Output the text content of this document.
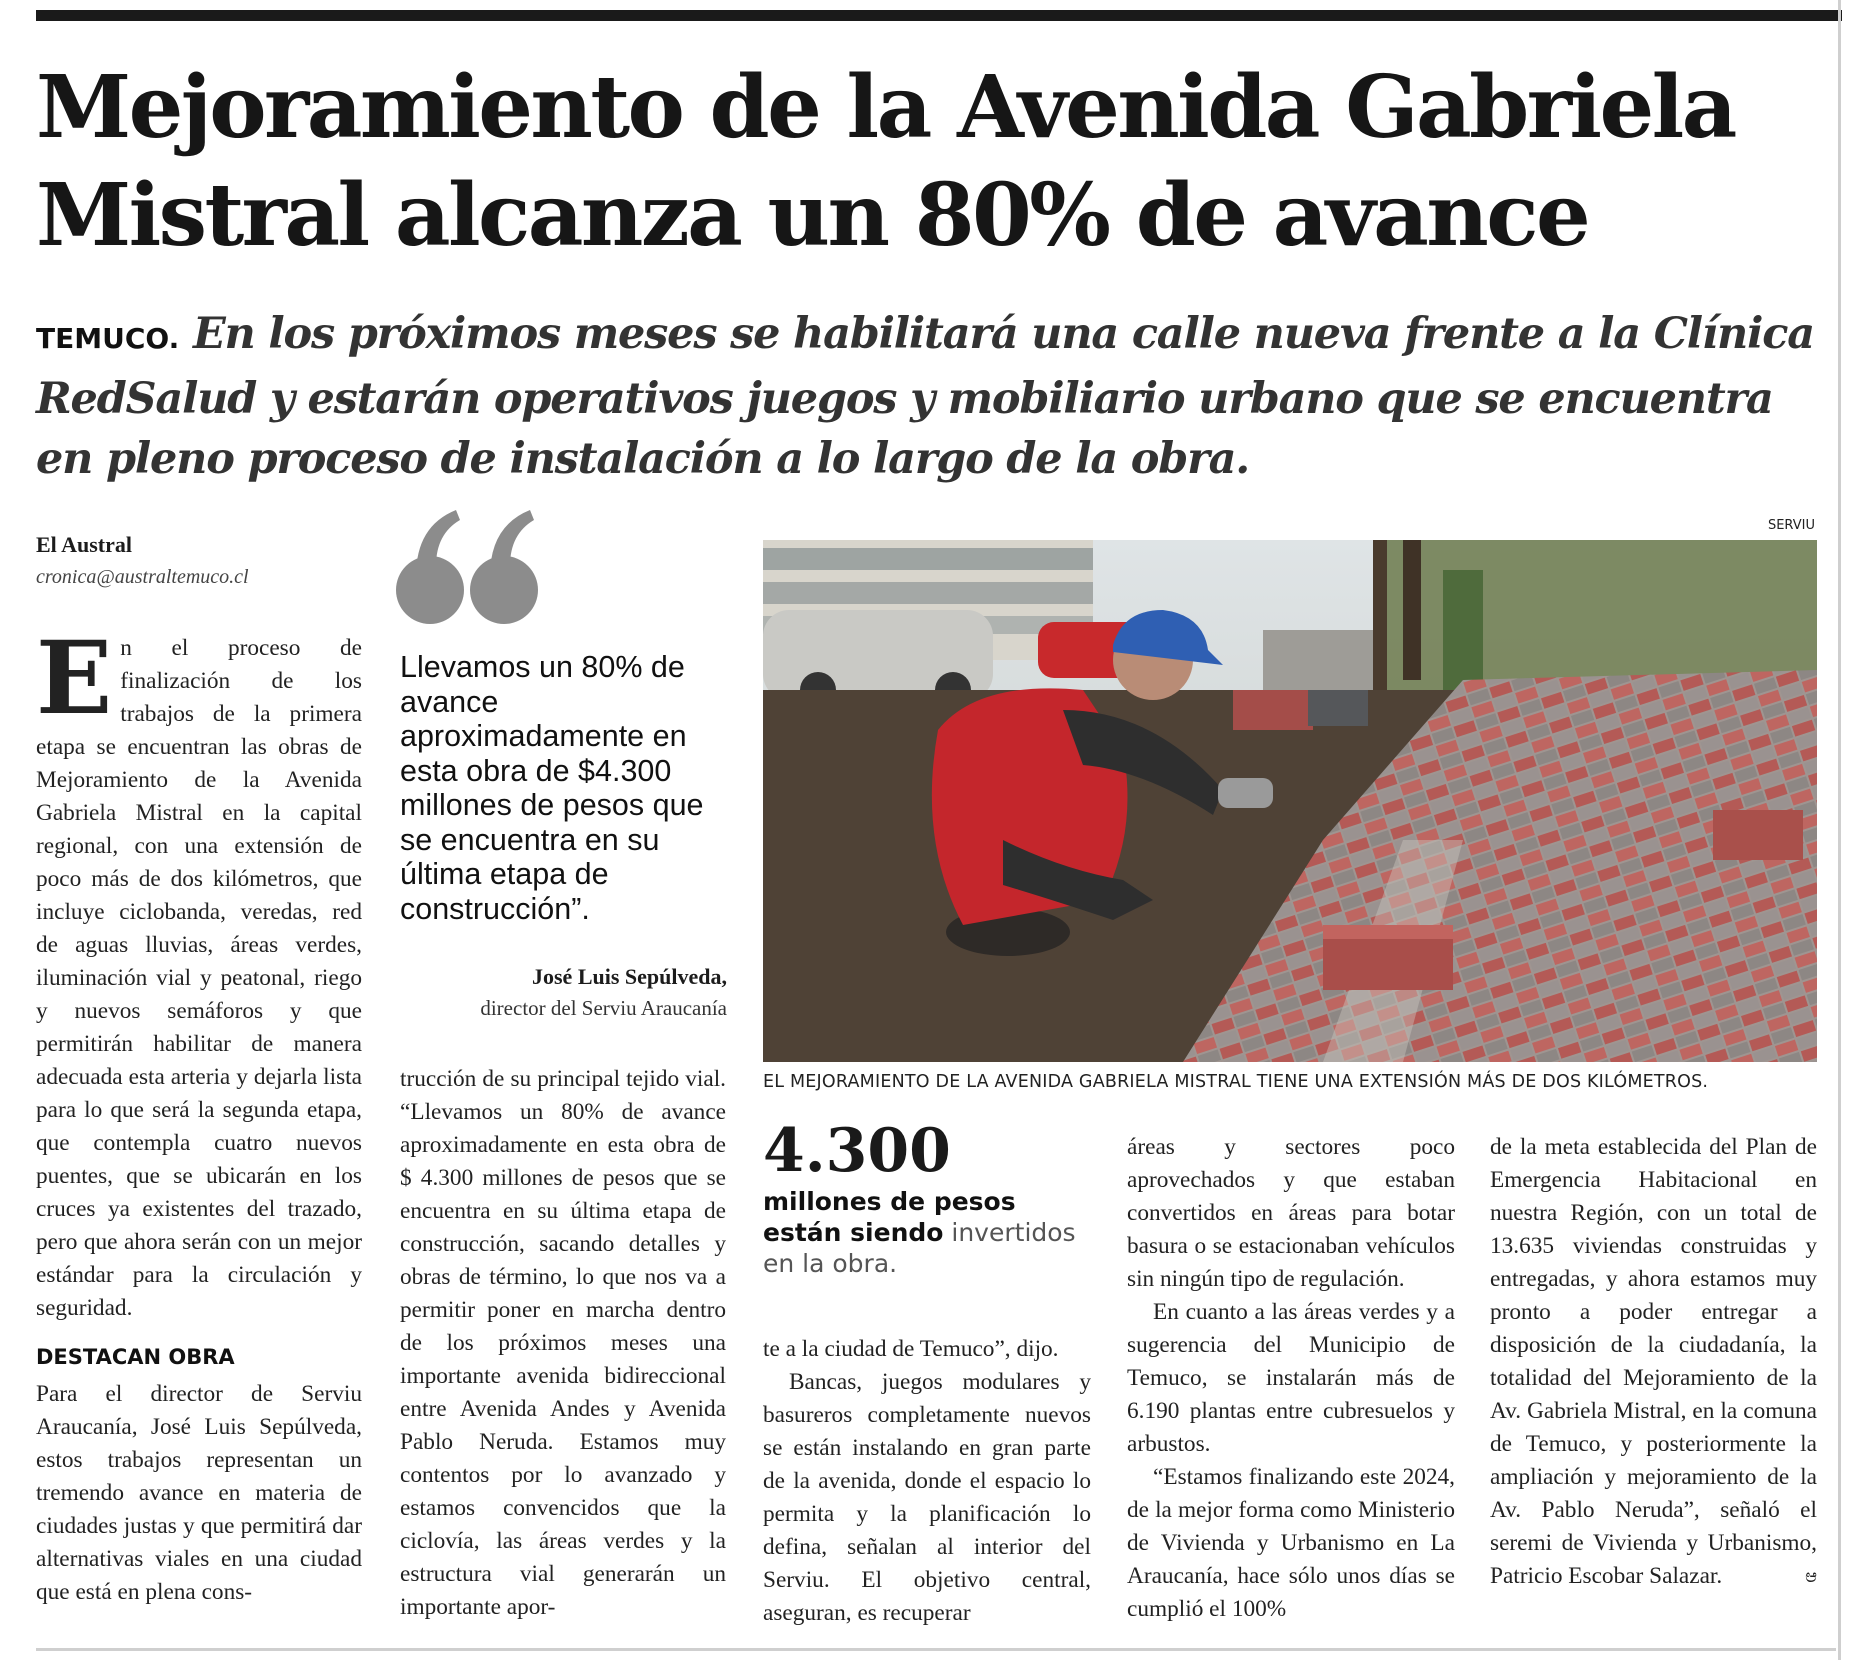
Mejoramiento de la Avenida Gabriela Mistral alcanza un 80% de avance
TEMUCO. En los próximos meses se habilitará una calle nueva frente a la Clínica RedSalud y estarán operativos juegos y mobiliario urbano que se encuentra en pleno proceso de instalación a lo largo de la obra.
El Austral
cronica@australtemuco.cl

En el proceso de finalización de los trabajos de la primera etapa se encuentran las obras de Mejoramiento de la Avenida Gabriela Mistral en la capital regional, con una extensión de poco más de dos kilómetros, que incluye ciclobanda, veredas, red de aguas lluvias, áreas verdes, iluminación vial y peatonal, riego y nuevos semáforos y que permitirán habilitar de manera adecuada esta arteria y dejarla lista para lo que será la segunda etapa, que contempla cuatro nuevos puentes, que se ubicarán en los cruces ya existentes del trazado, pero que ahora serán con un mejor estándar para la circulación y seguridad.

DESTACAN OBRA

Para el director de Serviu Araucanía, José Luis Sepúlveda, estos trabajos representan un tremendo avance en materia de ciudades justas y que permitirá dar alternativas viales en una ciudad que está en plena cons-

Llevamos un 80% de avance aproximadamente en esta obra de $4.300 millones de pesos que se encuentra en su última etapa de construcción”.
José Luis Sepúlveda,
director del Serviu Araucanía

trucción de su principal tejido vial. “Llevamos un 80% de avance aproximadamente en esta obra de $ 4.300 millones de pesos que se encuentra en su última etapa de construcción, sacando detalles y obras de término, lo que nos va a permitir poner en marcha dentro de los próximos meses una importante avenida bidireccional entre Avenida Andes y Avenida Pablo Neruda. Estamos muy contentos por lo avanzado y estamos convencidos que la ciclovía, las áreas verdes y la estructura vial generarán un importante apor-

SERVIU
EL MEJORAMIENTO DE LA AVENIDA GABRIELA MISTRAL TIENE UNA EXTENSIÓN MÁS DE DOS KILÓMETROS.
4.300
millones de pesos están siendo invertidos en la obra.

te a la ciudad de Temuco”, dijo.

Bancas, juegos modulares y basureros completamente nuevos se están instalando en gran parte de la avenida, donde el espacio lo permita y la planificación lo defina, señalan al interior del Serviu. El objetivo central, aseguran, es recuperar

áreas y sectores poco aprovechados y que estaban convertidos en áreas para botar basura o se estacionaban vehículos sin ningún tipo de regulación.

En cuanto a las áreas verdes y a sugerencia del Municipio de Temuco, se instalarán más de 6.190 plantas entre cubresuelos y arbustos.

“Estamos finalizando este 2024, de la mejor forma como Ministerio de Vivienda y Urbanismo en La Araucanía, hace sólo unos días se cumplió el 100%

de la meta establecida del Plan de Emergencia Habitacional en nuestra Región, con un total de 13.635 viviendas construidas y entregadas, y ahora estamos muy pronto a poder entregar a disposición de la ciudadanía, la totalidad del Mejoramiento de la Av. Gabriela Mistral, en la comuna de Temuco, y posteriormente la ampliación y mejoramiento de la Av. Pablo Neruda”, señaló el seremi de Vivienda y Urbanismo, Patricio Escobar Salazar.	ಆ
